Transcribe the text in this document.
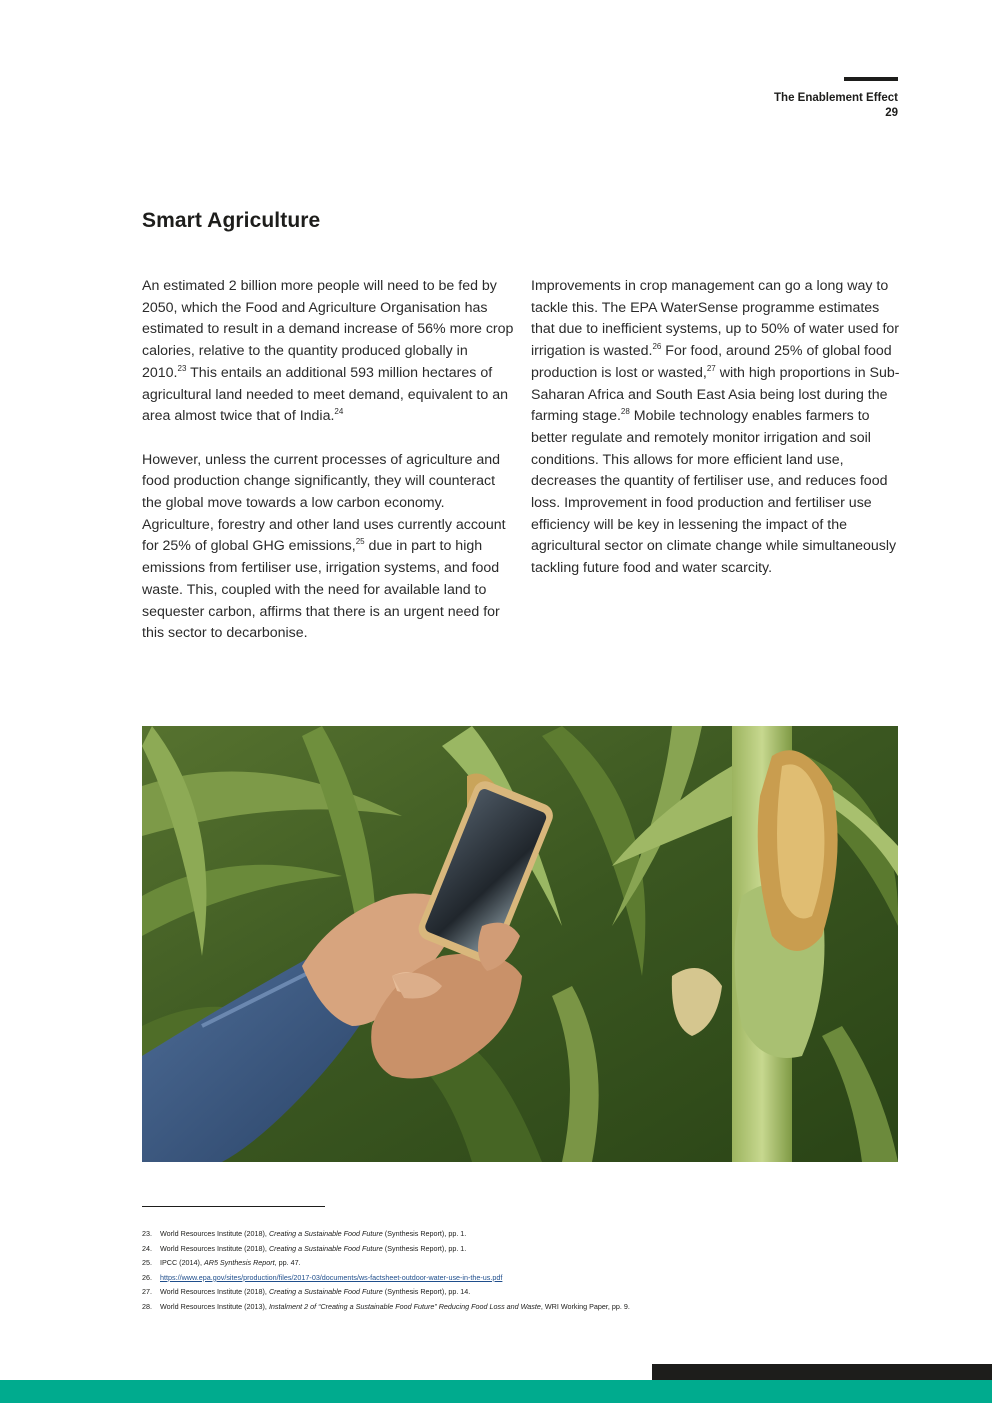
The Enablement Effect
29
Smart Agriculture

An estimated 2 billion more people will need to be fed by 2050, which the Food and Agriculture Organisation has estimated to result in a demand increase of 56% more crop calories, relative to the quantity produced globally in 2010.23 This entails an additional 593 million hectares of agricultural land needed to meet demand, equivalent to an area almost twice that of India.$^{24}$

However, unless the current processes of agriculture and food production change significantly, they will counteract the global move towards a low carbon economy. Agriculture, forestry and other land uses currently account for 25% of global GHG emissions,$^{25}$ due in part to high emissions from fertiliser use, irrigation systems, and food waste. This, coupled with the need for available land to sequester carbon, affirms that there is an urgent need for this sector to decarbonise.

Improvements in crop management can go a long way to tackle this. The EPA WaterSense programme estimates that due to inefficient systems, up to 50% of water used for irrigation is wasted.$^{26}$ For food, around 25% of global food production is lost or wasted,$^{27}$ with high proportions in Sub-Saharan Africa and South East Asia being lost during the farming stage.$^{28}$ Mobile technology enables farmers to better regulate and remotely monitor irrigation and soil conditions. This allows for more efficient land use, decreases the quantity of fertiliser use, and reduces food loss. Improvement in food production and fertiliser use efficiency will be key in lessening the impact of the agricultural sector on climate change while simultaneously tackling future food and water scarcity.

23.	World Resources Institute (2018), Creating a Sustainable Food Future (Synthesis Report), pp. 1.
24.	World Resources Institute (2018), Creating a Sustainable Food Future (Synthesis Report), pp. 1.
25.	IPCC (2014), AR5 Synthesis Report, pp. 47.
26.	https://www.epa.gov/sites/production/files/2017-03/documents/ws-factsheet-outdoor-water-use-in-the-us.pdf
27.	World Resources Institute (2018), Creating a Sustainable Food Future (Synthesis Report), pp. 14.
28.	World Resources Institute (2013), Instalment 2 of “Creating a Sustainable Food Future” Reducing Food Loss and Waste, WRI Working Paper, pp. 9.
